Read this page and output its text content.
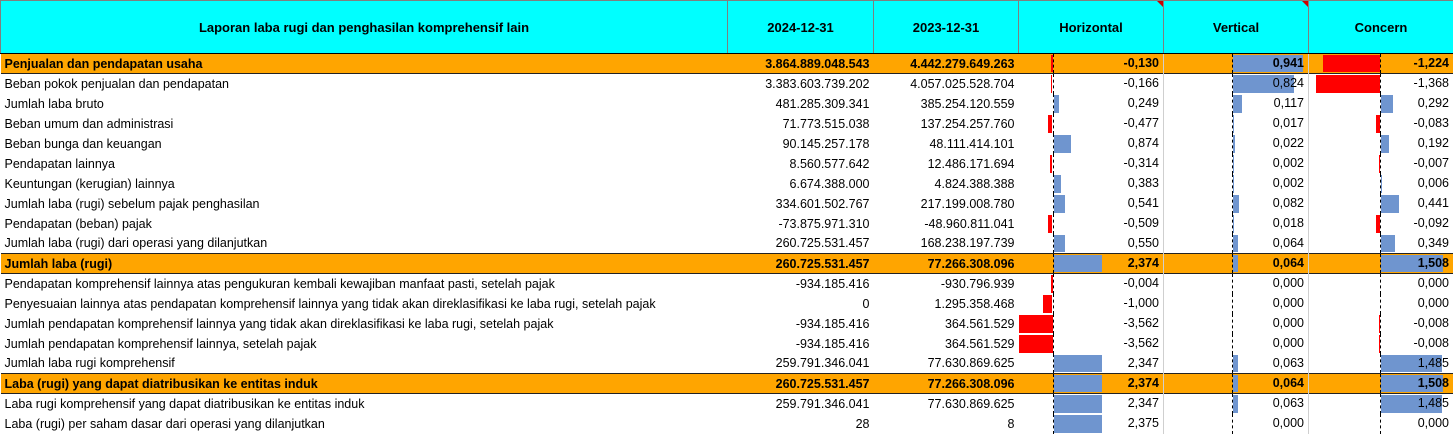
Laporan laba rugi dan penghasilan komprehensif lain	2024-12-31	2023-12-31	Horizontal	Vertical	Concern
Penjualan dan pendapatan usaha	3.864.889.048.543	4.442.279.649.263	-0,130	0,941	-1,224

Beban pokok penjualan dan pendapatan	3.383.603.739.202	4.057.025.528.704	-0,166	0,824	-1,368

Jumlah laba bruto	481.285.309.341	385.254.120.559	0,249	0,117	0,292

Beban umum dan administrasi	71.773.515.038	137.254.257.760	-0,477	0,017	-0,083

Beban bunga dan keuangan	90.145.257.178	48.111.414.101	0,874	0,022	0,192

Pendapatan lainnya	8.560.577.642	12.486.171.694	-0,314	0,002	-0,007

Keuntungan (kerugian) lainnya	6.674.388.000	4.824.388.388	0,383	0,002	0,006

Jumlah laba (rugi) sebelum pajak penghasilan	334.601.502.767	217.199.008.780	0,541	0,082	0,441

Pendapatan (beban) pajak	-73.875.971.310	-48.960.811.041	-0,509	0,018	-0,092

Jumlah laba (rugi) dari operasi yang dilanjutkan	260.725.531.457	168.238.197.739	0,550	0,064	0,349

Jumlah laba (rugi)	260.725.531.457	77.266.308.096	2,374	0,064	1,508

Pendapatan komprehensif lainnya atas pengukuran kembali kewajiban manfaat pasti, setelah pajak	-934.185.416	-930.796.939	-0,004	0,000	0,000

Penyesuaian lainnya atas pendapatan komprehensif lainnya yang tidak akan direklasifikasi ke laba rugi, setelah pajak	0	1.295.358.468	-1,000	0,000	0,000

Jumlah pendapatan komprehensif lainnya yang tidak akan direklasifikasi ke laba rugi, setelah pajak	-934.185.416	364.561.529	-3,562	0,000	-0,008

Jumlah pendapatan komprehensif lainnya, setelah pajak	-934.185.416	364.561.529	-3,562	0,000	-0,008

Jumlah laba rugi komprehensif	259.791.346.041	77.630.869.625	2,347	0,063	1,485

Laba (rugi) yang dapat diatribusikan ke entitas induk	260.725.531.457	77.266.308.096	2,374	0,064	1,508

Laba rugi komprehensif yang dapat diatribusikan ke entitas induk	259.791.346.041	77.630.869.625	2,347	0,063	1,485

Laba (rugi) per saham dasar dari operasi yang dilanjutkan	28	8	2,375	0,000	0,000
